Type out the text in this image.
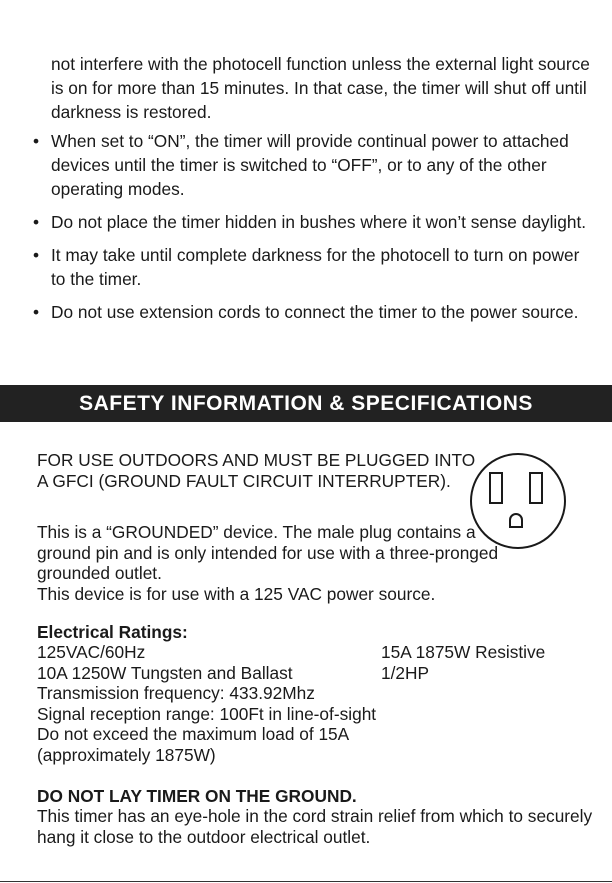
not interfere with the photocell function unless the external light source is on for more than 15 minutes. In that case, the timer will shut off until darkness is restored.
• When set to “ON”, the timer will provide continual power to attached devices until the timer is switched to “OFF”, or to any of the other operating modes.
• Do not place the timer hidden in bushes where it won’t sense daylight.
• It may take until complete darkness for the photocell to turn on power to the timer.
• Do not use extension cords to connect the timer to the power source.
SAFETY INFORMATION & SPECIFICATIONS

FOR USE OUTDOORS AND MUST BE PLUGGED INTO A GFCI (GROUND FAULT CIRCUIT INTERRUPTER).

This is a “GROUNDED” device. The male plug contains a ground pin and is only intended for use with a three-pronged grounded outlet.
This device is for use with a 125 VAC power source.
Electrical Ratings:
125VAC/60Hz	15A 1875W Resistive
10A 1250W Tungsten and Ballast	1/2HP
Transmission frequency: 433.92Mhz
Signal reception range: 100Ft in line-of-sight
Do not exceed the maximum load of 15A
(approximately 1875W)
DO NOT LAY TIMER ON THE GROUND.

This timer has an eye-hole in the cord strain relief from which to securely hang it close to the outdoor electrical outlet.
